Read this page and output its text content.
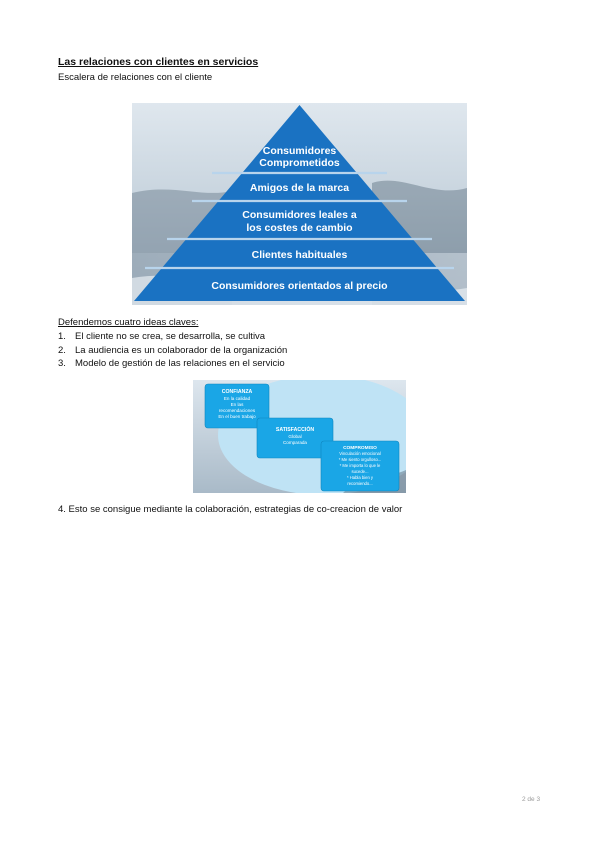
Las relaciones con clientes en servicios
Escalera de relaciones con el cliente
Consumidores
Comprometidos
Amigos de la marca
Consumidores leales a
los costes de cambio
Clientes habituales
Consumidores orientados al precio
Defendemos cuatro ideas claves:
1. El cliente no se crea, se desarrolla, se cultiva
2. La audiencia es un colaborador de la organización
3. Modelo de gestión de las relaciones en el servicio
CONFIANZA
En la calidad
En las
recomendaciones
En el buen trabajo
SATISFACCIÓN
Global
Comparada
COMPROMISO
Vinculación emocional
* Me siento orgulloso...
* Me importa lo que le
sucede...
* Habla bien y
recomiendo...
4. Esto se consigue mediante la colaboración, estrategias de co-creacion de valor
2 de 3
